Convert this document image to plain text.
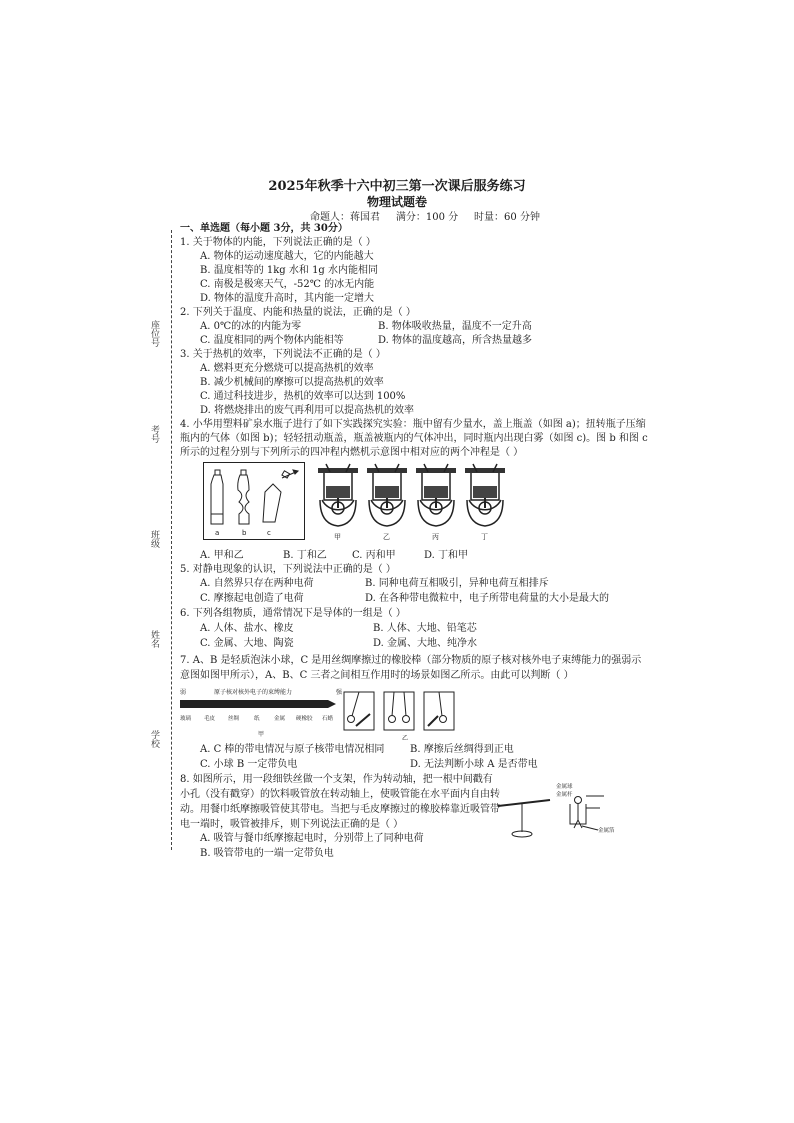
2025年秋季十六中初三第一次课后服务练习
物理试题卷
命题人：蒋国君     满分：100 分     时量：60 分钟
座位号
考号
班级
姓名
学校
一、单选题（每小题 3分，共 30分）
1. 关于物体的内能，下列说法正确的是（ ）
A. 物体的运动速度越大，它的内能越大
B. 温度相等的 1kg 水和 1g 水内能相同
C. 南极是极寒天气，-52℃ 的冰无内能
D. 物体的温度升高时，其内能一定增大
2. 下列关于温度、内能和热量的说法，正确的是（ ）
A. 0℃的冰的内能为零	B. 物体吸收热量，温度不一定升高
C. 温度相同的两个物体内能相等	D. 物体的温度越高，所含热量越多
3. 关于热机的效率，下列说法不正确的是（ ）
A. 燃料更充分燃烧可以提高热机的效率
B. 减少机械间的摩擦可以提高热机的效率
C. 通过科技进步，热机的效率可以达到 100%
D. 将燃烧排出的废气再利用可以提高热机的效率
4. 小华用塑料矿泉水瓶子进行了如下实践探究实验：瓶中留有少量水，盖上瓶盖（如图 a)；扭转瓶子压缩
瓶内的气体（如图 b)；轻轻扭动瓶盖，瓶盖被瓶内的气体冲出，同时瓶内出现白雾（如图 c)。图 b 和图 c
所示的过程分别与下列所示的四冲程内燃机示意图中相对应的两个冲程是（ ）
a	b	c	甲	乙	丙	丁
A. 甲和乙	B. 丁和乙	C. 丙和甲	D. 丁和甲
5. 对静电现象的认识，下列说法中正确的是（ ）
A. 自然界只存在两种电荷	B. 同种电荷互相吸引，异种电荷互相排斥
C. 摩擦起电创造了电荷	D. 在各种带电微粒中，电子所带电荷量的大小是最大的
6. 下列各组物质，通常情况下是导体的一组是（ ）
A. 人体、盐水、橡皮	B. 人体、大地、铅笔芯
C. 金属、大地、陶瓷	D. 金属、大地、纯净水
7. A、B 是轻质泡沫小球，C 是用丝绸摩擦过的橡胶棒（部分物质的原子核对核外电子束缚能力的强弱示
意图如图甲所示），A、B、C 三者之间相互作用时的场景如图乙所示。由此可以判断（ ）
弱	原子核对核外电子的束缚能力	强
玻璃 毛皮 丝绸	纸	金属 硬橡胶 石蜡
甲
乙
A. C 棒的带电情况与原子核带电情况相同	B. 摩擦后丝绸得到正电
C. 小球 B 一定带负电	D. 无法判断小球 A 是否带电
8. 如图所示，用一段细铁丝做一个支架，作为转动轴，把一根中间戳有
小孔（没有戳穿）的饮料吸管放在转动轴上，使吸管能在水平面内自由转
动。用餐巾纸摩擦吸管使其带电。当把与毛皮摩擦过的橡胶棒靠近吸管带
电一端时，吸管被排斥，则下列说法正确的是（ ）
金属球
金属杆
金属箔
A. 吸管与餐巾纸摩擦起电时，分别带上了同种电荷
B. 吸管带电的一端一定带负电
